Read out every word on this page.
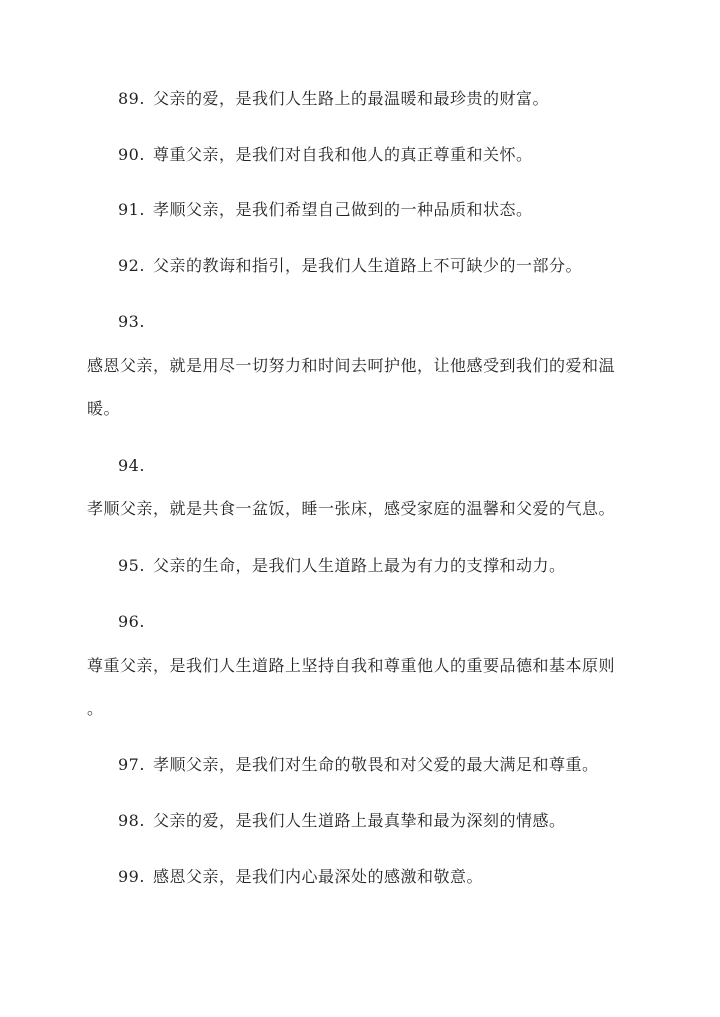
89. 父亲的爱，是我们人生路上的最温暖和最珍贵的财富。
90. 尊重父亲，是我们对自我和他人的真正尊重和关怀。
91. 孝顺父亲，是我们希望自己做到的一种品质和状态。
92. 父亲的教诲和指引，是我们人生道路上不可缺少的一部分。
93.
感恩父亲，就是用尽一切努力和时间去呵护他，让他感受到我们的爱和温
暖。
94.
孝顺父亲，就是共食一盆饭，睡一张床，感受家庭的温馨和父爱的气息。
95. 父亲的生命，是我们人生道路上最为有力的支撑和动力。
96.
尊重父亲，是我们人生道路上坚持自我和尊重他人的重要品德和基本原则
。
97. 孝顺父亲，是我们对生命的敬畏和对父爱的最大满足和尊重。
98. 父亲的爱，是我们人生道路上最真挚和最为深刻的情感。
99. 感恩父亲，是我们内心最深处的感激和敬意。
